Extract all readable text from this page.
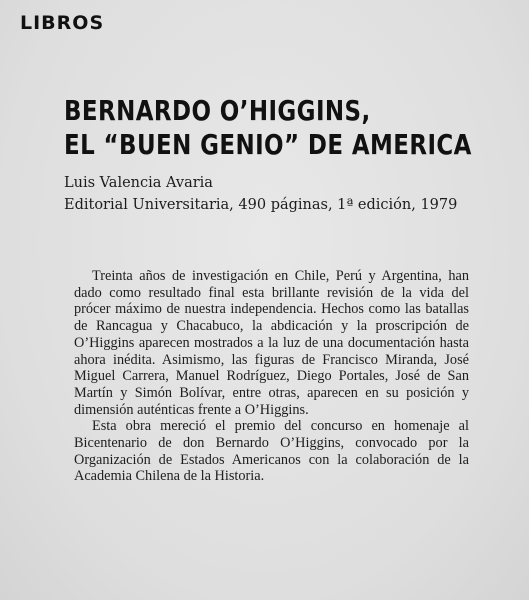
LIBROS
BERNARDO O’HIGGINS,
EL “BUEN GENIO” DE AMERICA

Luis Valencia Avaria

Editorial Universitaria, 490 páginas, 1ª edición, 1979

Treinta años de investigación en Chile, Perú y Argentina, han dado como resultado final esta brillante revisión de la vida del prócer máximo de nuestra independencia. Hechos como las batallas de Rancagua y Chacabuco, la abdicación y la proscripción de O’Higgins aparecen mostrados a la luz de una documentación hasta ahora inédita. Asimismo, las figuras de Francisco Miranda, José Miguel Carrera, Manuel Rodríguez, Diego Portales, José de San Martín y Simón Bolívar, entre otras, aparecen en su posición y dimensión auténticas frente a O’Higgins.

Esta obra mereció el premio del concurso en homenaje al Bicentenario de don Bernardo O’Higgins, convocado por la Organización de Estados Americanos con la colaboración de la Academia Chilena de la Historia.
